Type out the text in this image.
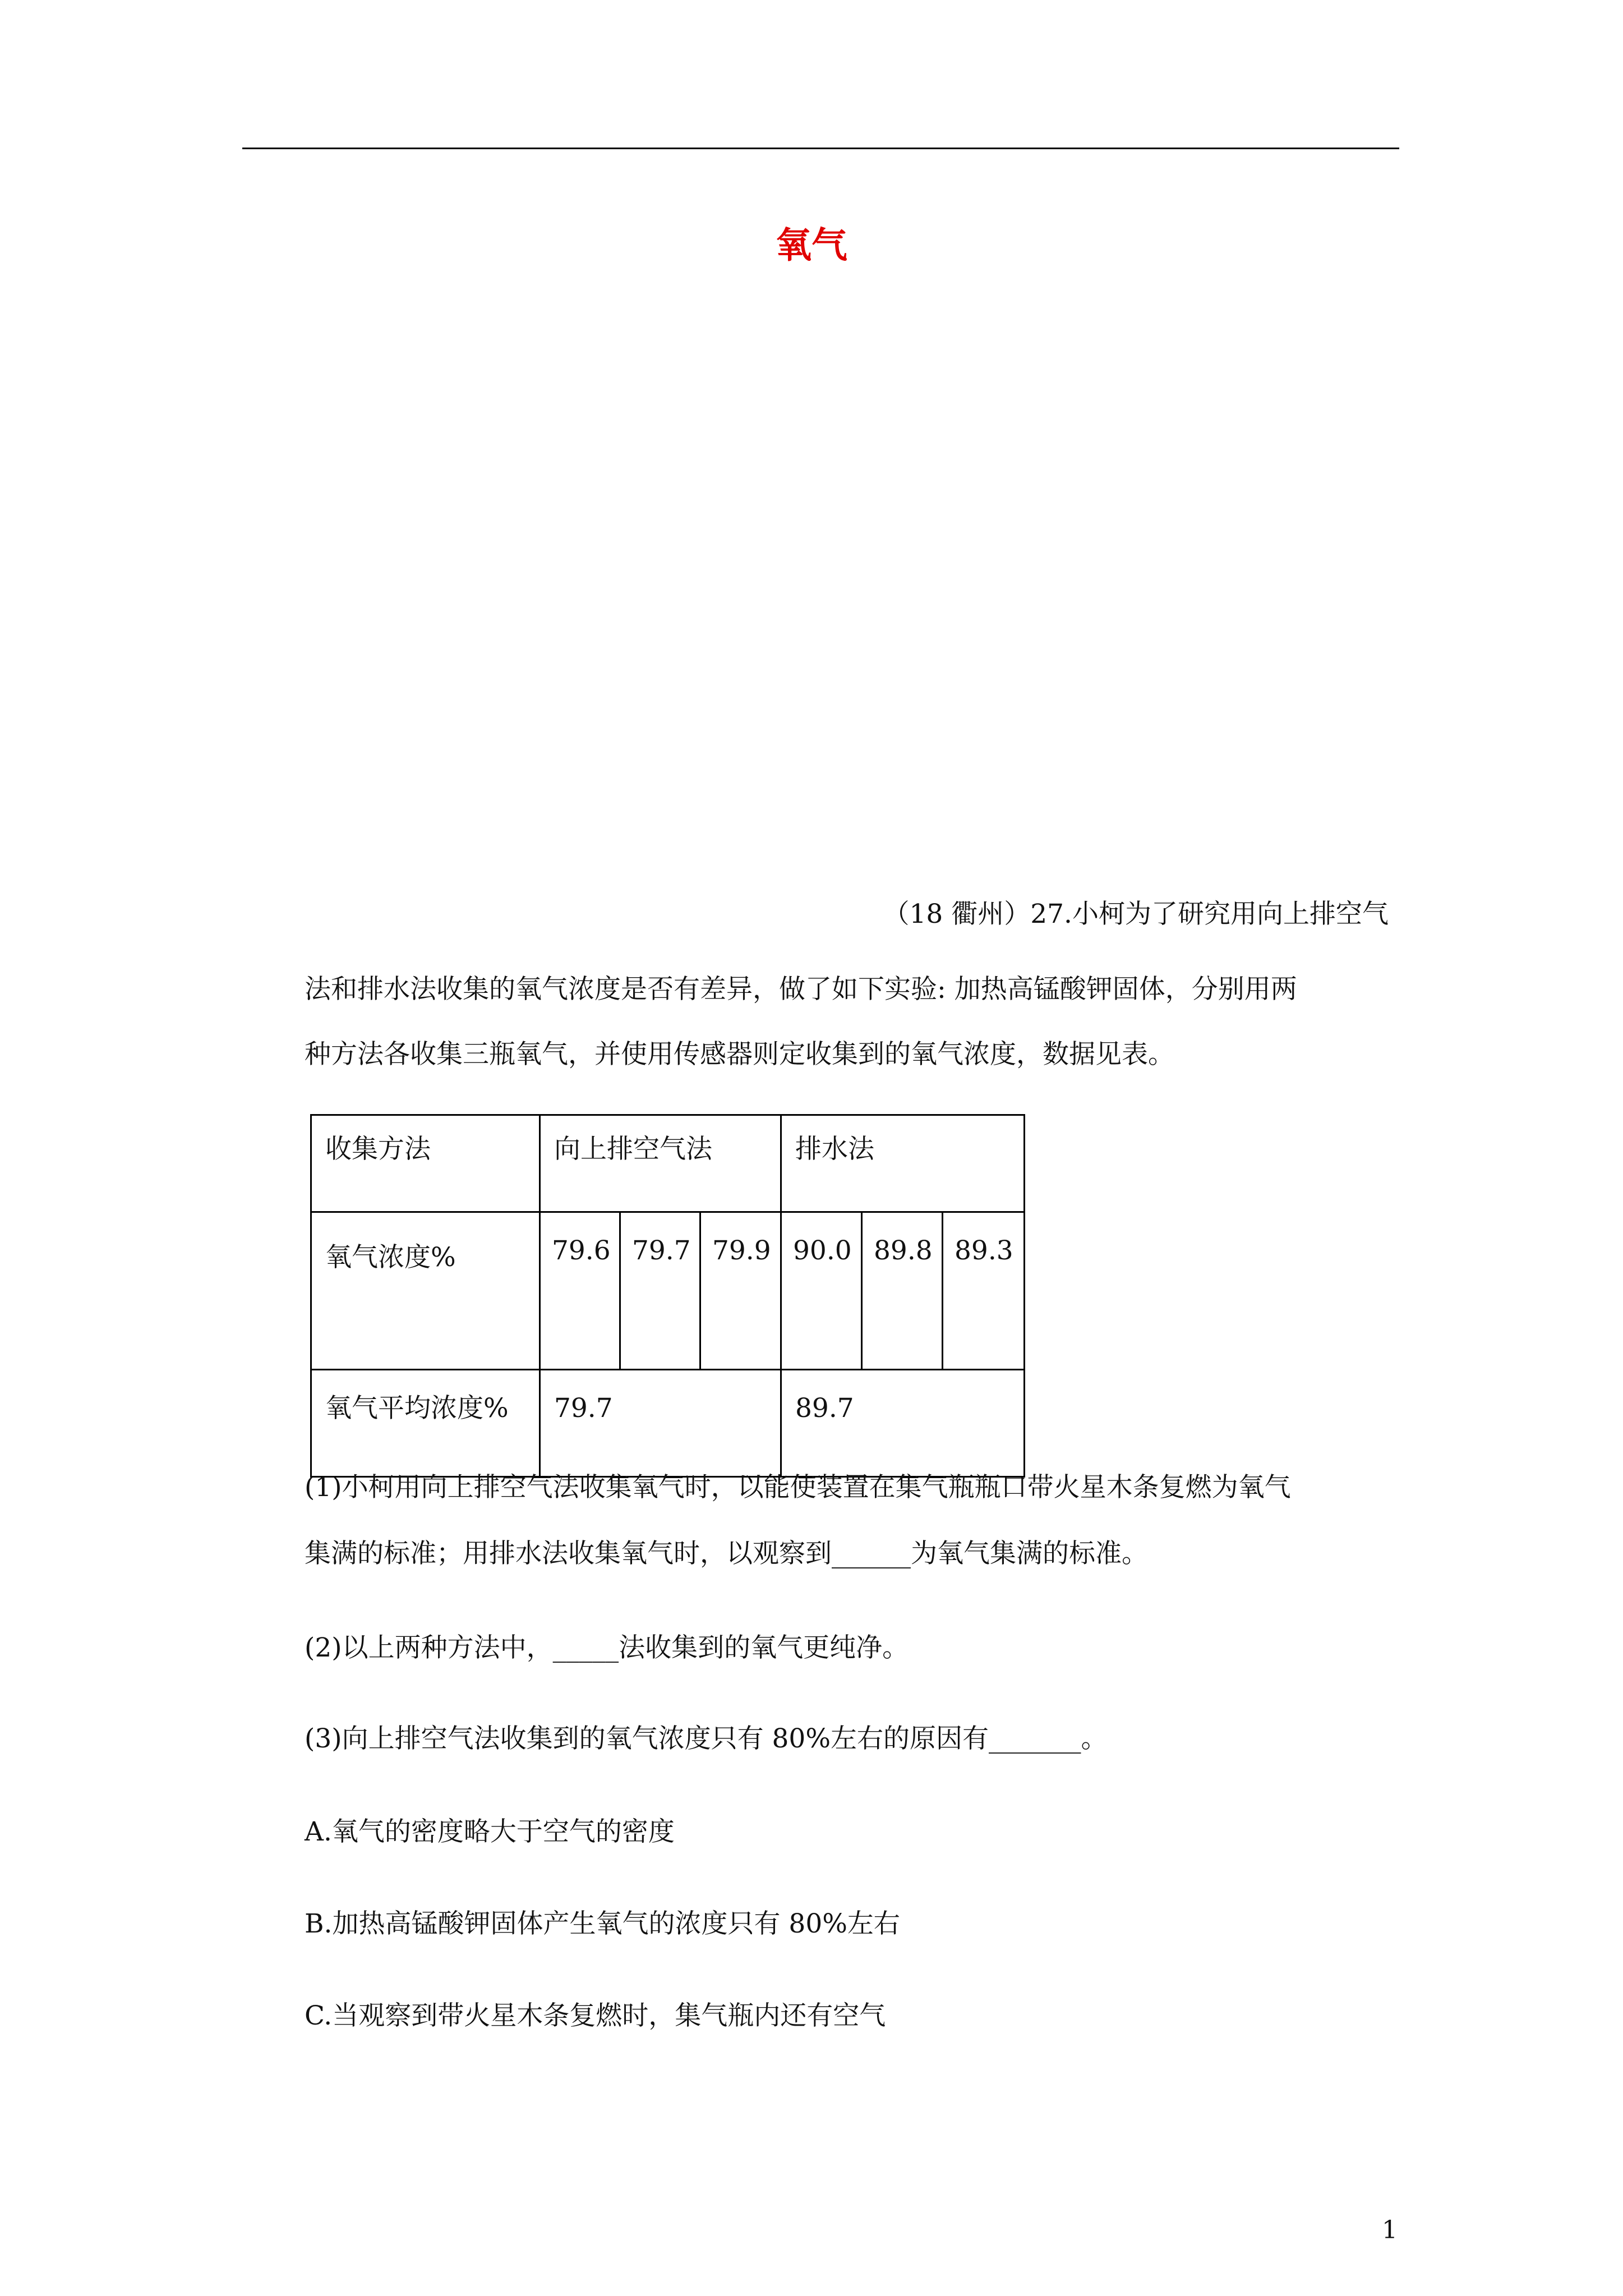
氧气
（18 衢州）27.小柯为了研究用向上排空气
法和排水法收集的氧气浓度是否有差异，做了如下实验: 加热高锰酸钾固体，分别用两
种方法各收集三瓶氧气，并使用传感器则定收集到的氧气浓度，数据见表。
收集方法	向上排空气法			排水法		
氧气浓度%	79.6	79.7	79.9	90.0	89.8	89.3
氧气平均浓度%	79.7			89.7		
(1)小柯用向上排空气法收集氧气时，以能使装置在集气瓶瓶口带火星木条复燃为氧气
集满的标准；用排水法收集氧气时，以观察到______为氧气集满的标准。
(2)以上两种方法中，_____法收集到的氧气更纯净。
(3)向上排空气法收集到的氧气浓度只有 80%左右的原因有_______。
A.氧气的密度略大于空气的密度
B.加热高锰酸钾固体产生氧气的浓度只有 80%左右
C.当观察到带火星木条复燃时，集气瓶内还有空气
1
